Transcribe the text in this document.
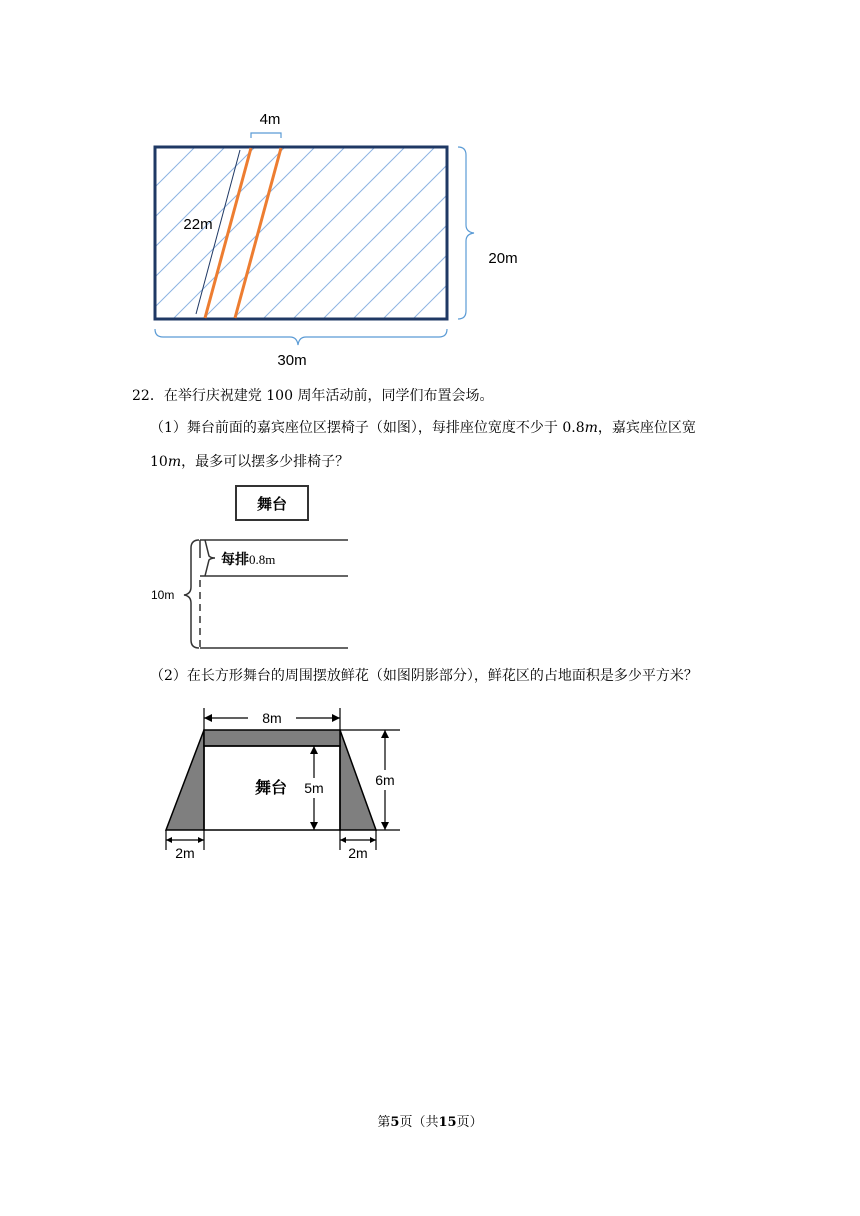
4m
22m
20m
30m
22．在举行庆祝建党 100 周年活动前，同学们布置会场。
（1）舞台前面的嘉宾座位区摆椅子（如图），每排座位宽度不少于 0.8m，嘉宾座位区宽
10m，最多可以摆多少排椅子？
舞台
每排0.8m
10m
（2）在长方形舞台的周围摆放鲜花（如图阴影部分），鲜花区的占地面积是多少平方米？
8m
舞台 5m	6m
2m	2m
第5页（共15页）
